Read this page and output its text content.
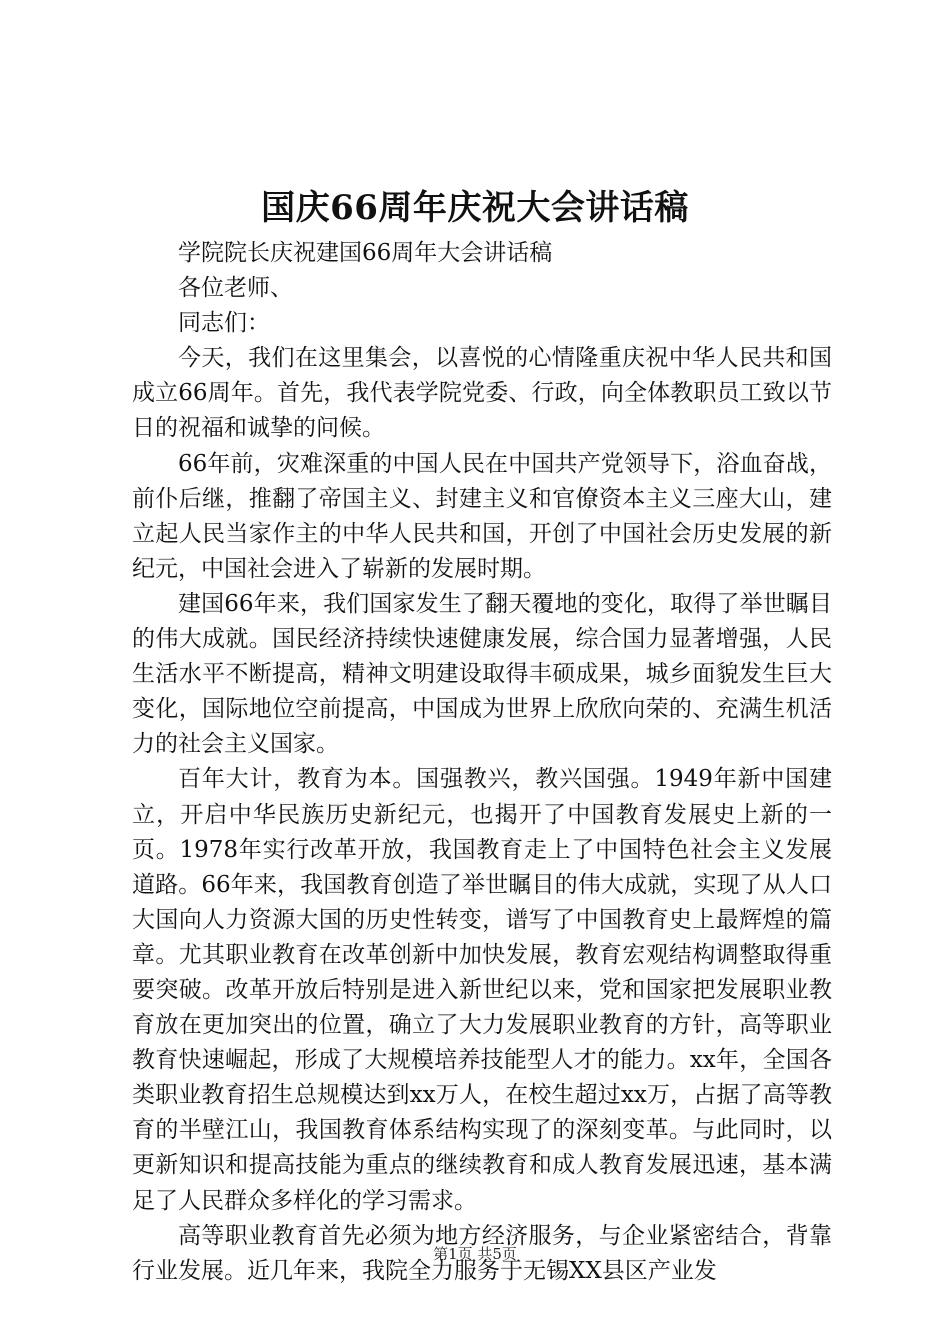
国庆66周年庆祝大会讲话稿

学院院长庆祝建国66周年大会讲话稿

各位老师、

同志们：

今天，我们在这里集会，以喜悦的心情隆重庆祝中华人民共和国成立66周年。首先，我代表学院党委、行政，向全体教职员工致以节日的祝福和诚挚的问候。

66年前，灾难深重的中国人民在中国共产党领导下，浴血奋战，前仆后继，推翻了帝国主义、封建主义和官僚资本主义三座大山，建立起人民当家作主的中华人民共和国，开创了中国社会历史发展的新纪元，中国社会进入了崭新的发展时期。

建国66年来，我们国家发生了翻天覆地的变化，取得了举世瞩目的伟大成就。国民经济持续快速健康发展，综合国力显著增强，人民生活水平不断提高，精神文明建设取得丰硕成果，城乡面貌发生巨大变化，国际地位空前提高，中国成为世界上欣欣向荣的、充满生机活力的社会主义国家。

百年大计，教育为本。国强教兴，教兴国强。1949年新中国建立，开启中华民族历史新纪元，也揭开了中国教育发展史上新的一页。1978年实行改革开放，我国教育走上了中国特色社会主义发展道路。66年来，我国教育创造了举世瞩目的伟大成就，实现了从人口大国向人力资源大国的历史性转变，谱写了中国教育史上最辉煌的篇章。尤其职业教育在改革创新中加快发展，教育宏观结构调整取得重要突破。改革开放后特别是进入新世纪以来，党和国家把发展职业教育放在更加突出的位置，确立了大力发展职业教育的方针，高等职业教育快速崛起，形成了大规模培养技能型人才的能力。xx年，全国各类职业教育招生总规模达到xx万人，在校生超过xx万，占据了高等教育的半壁江山，我国教育体系结构实现了的深刻变革。与此同时，以更新知识和提高技能为重点的继续教育和成人教育发展迅速，基本满足了人民群众多样化的学习需求。

高等职业教育首先必须为地方经济服务，与企业紧密结合，背靠行业发展。近几年来，我院全力服务于无锡XX县区产业发

第1页 共5页
